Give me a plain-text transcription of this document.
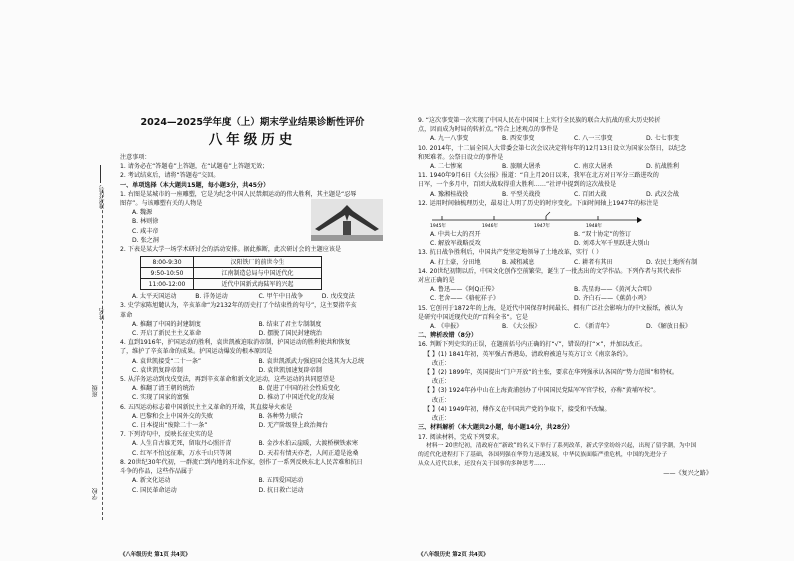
准考证号
姓名
班级
学校
2024—2025学年度（上）期末学业结果诊断性评价
八年级历史
注意事项：
1. 请务必在“答题卷”上答题，在“试题卷”上答题无效；
2. 考试结束后，请将“答题卷”交回。
一、单项选择（本大题共15题，每小题3分，共45分）
1. 右图是某城市的一座雕塑，它是为纪念中国人民禁烟运动的伟大胜利，其主题是“忍辱
图存”。与该雕塑有关的人物是
A. 魏源
B. 林则徐
C. 咸丰帝
D. 张之洞
2. 下表是某大学一场学术研讨会的活动安排。据此推断，此次研讨会的主题应该是
8:00-9:30	汉阳铁厂的前世今生
9:50-10:50	江南制造总局与中国近代化
11:00-12:00	近代中国新式海陆军的兴起
A. 太平天国运动	B. 洋务运动	C. 甲午中日战争	D. 戊戌变法
3. 史学家陈旭麓认为，辛亥革命“为2132年的历史打了个结束性的句号”，这主要指辛亥
革命
A. 推翻了中国的封建制度	B. 结束了君主专制制度
C. 开启了新民主主义革命	D. 摆脱了国民封建统治
4. 直到1916年，护国运动的胜利，袁世凯被迫取消帝制，护国运动的胜利使共和恢复
了，维护了辛亥革命的成果。护国运动爆发的根本原因是
A. 袁世凯接受“二十一条”	B. 袁世凯派武力强迫国会选其为大总统
C. 袁世凯复辟帝制	D. 袁世凯加速复辟帝制
5. 从洋务运动到戊戌变法，再到辛亥革命和新文化运动，这些运动的共同愿望是
A. 推翻了清王朝的统治	B. 促进了中国的社会性质变化
C. 实现了国家的富强	D. 推动了中国近代化的发展
6. 五四运动标志着中国新民主主义革命的开端，其直接导火索是
A. 巴黎和会上中国外交的失败	B. 各种势力联合
C. 日本提出“废除二十一条”	D. 无产阶级登上政治舞台
7. 下列诗句中，反映长征史实的是
A. 人生自古谁无死，留取丹心照汗青	B. 金沙水拍云崖暖，大渡桥横铁索寒
C. 红军不怕远征难，万水千山只等闲	D. 天若有情天亦老，人间正道是沧桑
8. 20世纪30年代初，一群流亡到内地的东北作家，创作了一系列反映东北人民苦难和抗日
斗争的作品，这些作品属于
A. 新文化运动	B. 五四爱国运动
C. 国民革命运动	D. 抗日救亡运动
《八年级历史 第1页 共4页》
9. “这次事变第一次实现了中国人民在中国国土上实行全民族的联合大抗战的重大历史转折
点，因而成为时局的转折点。”符合上述观点的事件是
A. 九一八事变	B. 西安事变	C. 八一三事变	D. 七七事变
10. 2014年，十二届全国人大常委会第七次会议决定将每年的12月13日设立为国家公祭日，以纪念
和死难者。公祭日设立的事件是
A. 二七惨案	B. 旅顺大屠杀	C. 南京大屠杀	D. 抗战胜利
11. 1940年9月6日《大公报》报道：“自上月20日以来，我军在北方对日军分三路进攻的
日军，一个多月中，百团大战取得重大胜利……”社评中提到的这次战役是
A. 豫湘桂战役	B. 平型关战役	C. 百团大战	D. 武汉会战
12. 运用时间轴梳理历史，最易让人明了历史的时序变化。下面时间轴上1947年的标注是
1945年	1946年	1947年	1948年
A. 中共七大的召开	B. “双十协定”的签订
C. 解放军战略反攻	D. 刘邓大军千里跃进大别山
13. 抗日战争胜利后，中国共产党坚定地领导了土地改革，实行（ ）
A. 打土豪，分田地	B. 减租减息	C. 耕者有其田	D. 农民土地所有制
14. 20世纪初期以后，中国文化创作空前繁荣，诞生了一批杰出的文学作品。下列作者与其代表作
对应正确的是
A. 鲁迅——《阿Q正传》	B. 冼星海——《黄河大合唱》
C. 老舍——《骆驼祥子》	D. 齐白石——《蕉荫小鸡》
15. 它创刊于1872年的上海，是近代中国保存时间最长、拥有广泛社会影响力的中文报纸，被认为
是研究中国近现代史的“百科全书”。它是
A. 《申报》	B. 《大公报》	C. 《新青年》	D. 《解放日报》
二、辨析改错（8分）
16. 判断下列史实的正误，在题前括号内正确的打“√”，错误的打“×”，并加以改正。
【 】(1) 1841年初，英军强占香港岛，清政府被迫与英方订立《南京条约》。
改正：
【 】(2) 1899年，英国提出“门户开放”的主张，要求在华列强承认各国的“势力范围”和特权。
改正：
【 】(3) 1924年孙中山在上海黄浦创办了中国国民党陆军军官学校，亦称“黄埔军校”。
改正：
【 】(4) 1949年初，傅作义在中国共产党的争取下，接受和平改编。
改正：
三、材料解析（本大题共2小题，每小题14分，共28分）
17. 阅读材料，完成下列要求。
材料一 20世纪初，清政府在“新政”的名义下举行了系列改革，新式学堂纷纷兴起，出现了留学潮，为中国
的近代化进程打下了基础，各国列强在华势力迅速发展，中华民族面临严重危机，中国的先进分子
从众人近代以来，还没有关于国事的多种思考……
——《复兴之路》
《八年级历史 第2页 共4页》
